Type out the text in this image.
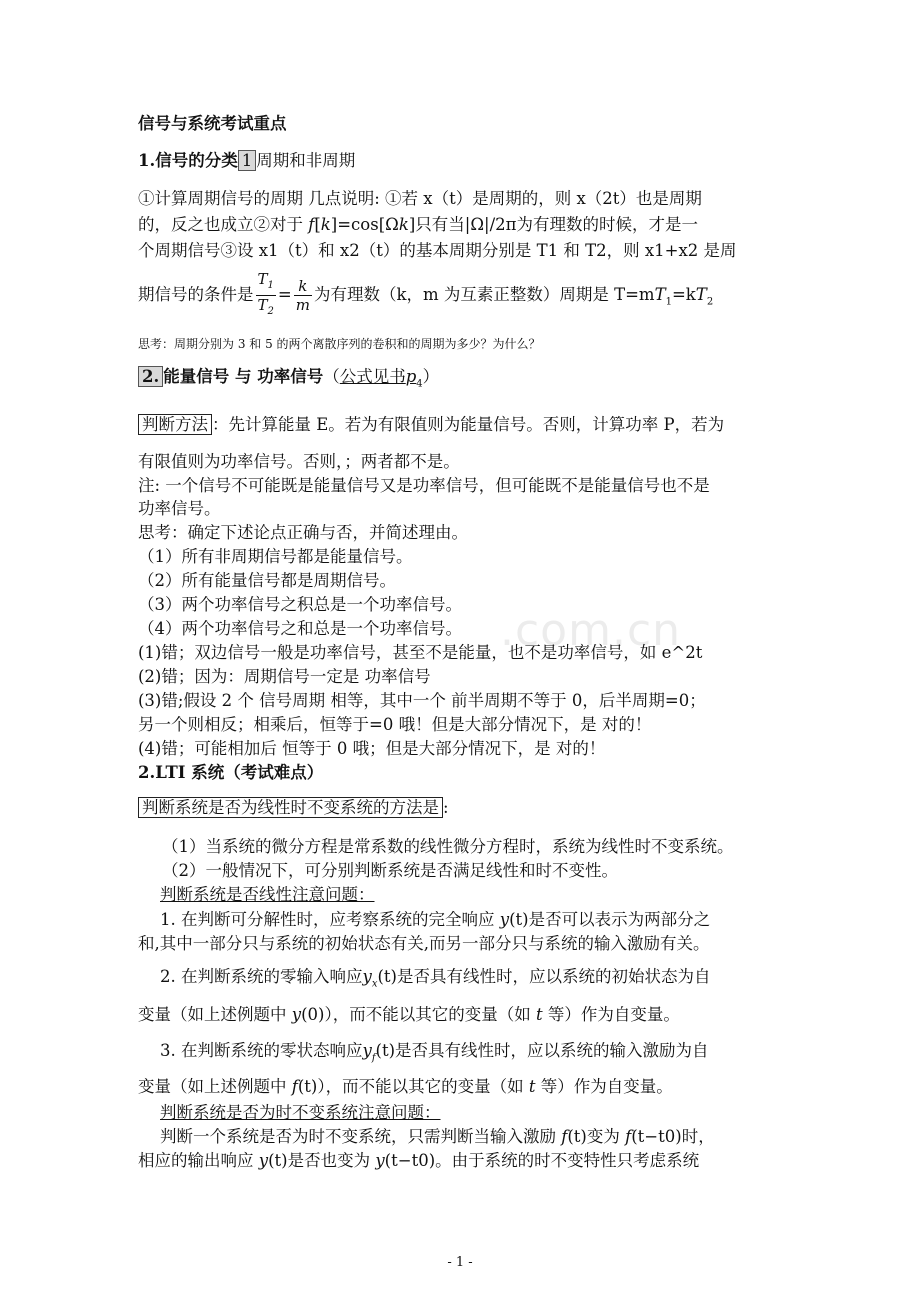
.com.cn
信号与系统考试重点
1.信号的分类 1 周期和非周期
①计算周期信号的周期 几点说明: ①若 x（t）是周期的，则 x（2t）也是周期
的，反之也成立②对于 f[k]=cos[Ωk]只有当|Ω|/2π为有理数的时候，才是一
个周期信号③设 x1（t）和 x2（t）的基本周期分别是 T1 和 T2，则 x1+x2 是周
期信号的条件是 $\frac{T_1}{T_2} = \frac{k}{m}$ 为有理数（k，m 为互素正整数）周期是 $T=mT_1=kT_2$
思考：周期分别为 3 和 5 的两个离散序列的卷积和的周期为多少？为什么？
2. 能量信号 与 功率信号（公式见书$p_4$）
判断方法 ：先计算能量 E。若为有限值则为能量信号。否则，计算功率 P，若为
有限值则为功率信号。否则，；两者都不是。
注: 一个信号不可能既是能量信号又是功率信号，但可能既不是能量信号也不是
功率信号。
思考：确定下述论点正确与否，并简述理由。
（1）所有非周期信号都是能量信号。
（2）所有能量信号都是周期信号。
（3）两个功率信号之积总是一个功率信号。
（4）两个功率信号之和总是一个功率信号。
(1)错；双边信号一般是功率信号，甚至不是能量，也不是功率信号，如 e^2t
(2)错；因为：周期信号一定是 功率信号
(3)错;假设 2 个 信号周期 相等，其中一个 前半周期不等于 0，后半周期=0；
另一个则相反；相乘后，恒等于=0 哦！但是大部分情况下，是 对的！
(4)错；可能相加后 恒等于 0 哦；但是大部分情况下，是 对的！
2.LTI 系统（考试难点）
判断系统是否为线性时不变系统的方法是 :
（1）当系统的微分方程是常系数的线性微分方程时，系统为线性时不变系统。
（2）一般情况下，可分别判断系统是否满足线性和时不变性。
判断系统是否线性注意问题：
1. 在判断可分解性时，应考察系统的完全响应 y(t)是否可以表示为两部分之
和,其中一部分只与系统的初始状态有关,而另一部分只与系统的输入激励有关。
2. 在判断系统的零输入响应$y_x(t)$是否具有线性时，应以系统的初始状态为自
变量（如上述例题中 y(0)），而不能以其它的变量（如 t 等）作为自变量。
3. 在判断系统的零状态响应$y_f(t)$是否具有线性时，应以系统的输入激励为自
变量（如上述例题中 f(t)），而不能以其它的变量（如 t 等）作为自变量。
判断系统是否为时不变系统注意问题：
判断一个系统是否为时不变系统，只需判断当输入激励 f(t)变为 f(t−t0)时，
相应的输出响应 y(t)是否也变为 y(t−t0)。由于系统的时不变特性只考虑系统
- 1 -
